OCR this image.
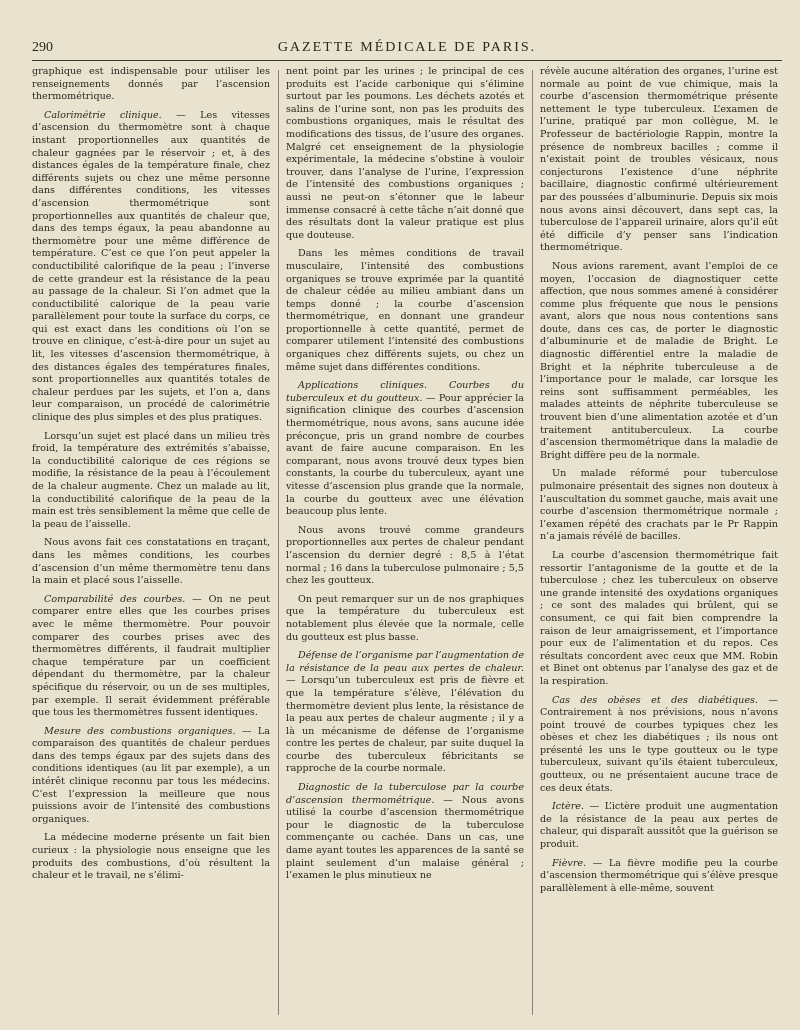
290	GAZETTE MÉDICALE DE PARIS.

graphique est indispensable pour utiliser les renseignements donnés par l’ascension thermométrique.

Calorimétrie clinique. — Les vitesses d’ascension du thermomètre sont à chaque instant proportionnelles aux quantités de chaleur gagnées par le réservoir ; et, à des distances égales de la température finale, chez différents sujets ou chez une même personne dans différentes conditions, les vitesses d’ascension thermométrique sont proportionnelles aux quantités de chaleur que, dans des temps égaux, la peau abandonne au thermomètre pour une même différence de température. C’est ce que l’on peut appeler la conductibilité calorifique de la peau ; l’inverse de cette grandeur est la résistance de la peau au passage de la chaleur. Si l’on admet que la conductibilité calorique de la peau varie parallèlement pour toute la surface du corps, ce qui est exact dans les conditions où l’on se trouve en clinique, c’est-à-dire pour un sujet au lit, les vitesses d’ascension thermométrique, à des distances égales des températures finales, sont proportionnelles aux quantités totales de chaleur perdues par les sujets, et l’on a, dans leur comparaison, un procédé de calorimétrie clinique des plus simples et des plus pratiques.

Lorsqu’un sujet est placé dans un milieu très froid, la température des extrémités s’abaisse, la conductibilité calorique de ces régions se modifie, la résistance de la peau à l’écoulement de la chaleur augmente. Chez un malade au lit, la conductibilité calorifique de la peau de la main est très sensiblement la même que celle de la peau de l’aisselle.

Nous avons fait ces constatations en traçant, dans les mêmes conditions, les courbes d’ascension d’un même thermomètre tenu dans la main et placé sous l’aisselle.

Comparabilité des courbes. — On ne peut comparer entre elles que les courbes prises avec le même thermomètre. Pour pouvoir comparer des courbes prises avec des thermomètres différents, il faudrait multiplier chaque température par un coefficient dépendant du thermomètre, par la chaleur spécifique du réservoir, ou un de ses multiples, par exemple. Il serait évidemment préférable que tous les thermomètres fussent identiques.

Mesure des combustions organiques. — La comparaison des quantités de chaleur perdues dans des temps égaux par des sujets dans des conditions identiques (au lit par exemple), a un intérêt clinique reconnu par tous les médecins. C’est l’expression la meilleure que nous puissions avoir de l’intensité des combustions organiques.

La médecine moderne présente un fait bien curieux : la physiologie nous enseigne que les produits des combustions, d’où résultent la chaleur et le travail, ne s’élimi-

nent point par les urines ; le principal de ces produits est l’acide carbonique qui s’élimine surtout par les poumons. Les déchets azotés et salins de l’urine sont, non pas les produits des combustions organiques, mais le résultat des modifications des tissus, de l’usure des organes. Malgré cet enseignement de la physiologie expérimentale, la médecine s’obstine à vouloir trouver, dans l’analyse de l’urine, l’expression de l’intensité des combustions organiques ; aussi ne peut-on s’étonner que le labeur immense consacré à cette tâche n’ait donné que des résultats dont la valeur pratique est plus que douteuse.

Dans les mêmes conditions de travail musculaire, l’intensité des combustions organiques se trouve exprimée par la quantité de chaleur cédée au milieu ambiant dans un temps donné ; la courbe d’ascension thermométrique, en donnant une grandeur proportionnelle à cette quantité, permet de comparer utilement l’intensité des combustions organiques chez différents sujets, ou chez un même sujet dans différentes conditions.

Applications cliniques. Courbes du tuberculeux et du goutteux. — Pour apprécier la signification clinique des courbes d’ascension thermométrique, nous avons, sans aucune idée préconçue, pris un grand nombre de courbes avant de faire aucune comparaison. En les comparant, nous avons trouvé deux types bien constants, la courbe du tuberculeux, ayant une vitesse d’ascension plus grande que la normale, la courbe du goutteux avec une élévation beaucoup plus lente.

Nous avons trouvé comme grandeurs proportionnelles aux pertes de chaleur pendant l’ascension du dernier degré : 8,5 à l’état normal ; 16 dans la tuberculose pulmonaire ; 5,5 chez les goutteux.

On peut remarquer sur un de nos graphiques que la température du tuberculeux est notablement plus élevée que la normale, celle du goutteux est plus basse.

Défense de l’organisme par l’augmentation de la résistance de la peau aux pertes de chaleur. — Lorsqu’un tuberculeux est pris de fièvre et que la température s’élève, l’élévation du thermomètre devient plus lente, la résistance de la peau aux pertes de chaleur augmente ; il y a là un mécanisme de défense de l’organisme contre les pertes de chaleur, par suite duquel la courbe des tuberculeux fébricitants se rapproche de la courbe normale.

Diagnostic de la tuberculose par la courbe d’ascension thermométrique. — Nous avons utilisé la courbe d’ascension thermométrique pour le diagnostic de la tuberculose commençante ou cachée. Dans un cas, une dame ayant toutes les apparences de la santé se plaint seulement d’un malaise général ; l’examen le plus minutieux ne

révèle aucune altération des organes, l’urine est normale au point de vue chimique, mais la courbe d’ascension thermométrique présente nettement le type tuberculeux. L’examen de l’urine, pratiqué par mon collègue, M. le Professeur de bactériologie Rappin, montre la présence de nombreux bacilles ; comme il n’existait point de troubles vésicaux, nous conjecturons l’existence d’une néphrite bacillaire, diagnostic confirmé ultérieurement par des poussées d’albuminurie. Depuis six mois nous avons ainsi découvert, dans sept cas, la tuberculose de l’appareil urinaire, alors qu’il eût été difficile d’y penser sans l’indication thermométrique.

Nous avions rarement, avant l’emploi de ce moyen, l’occasion de diagnostiquer cette affection, que nous sommes amené à considérer comme plus fréquente que nous le pensions avant, alors que nous nous contentions sans doute, dans ces cas, de porter le diagnostic d’albuminurie et de maladie de Bright. Le diagnostic différentiel entre la maladie de Bright et la néphrite tuberculeuse a de l’importance pour le malade, car lorsque les reins sont suffisamment perméables, les malades atteints de néphrite tuberculeuse se trouvent bien d’une alimentation azotée et d’un traitement antituberculeux. La courbe d’ascension thermométrique dans la maladie de Bright diffère peu de la normale.

Un malade réformé pour tuberculose pulmonaire présentait des signes non douteux à l’auscultation du sommet gauche, mais avait une courbe d’ascension thermométrique normale ; l’examen répété des crachats par le Pr Rappin n’a jamais révélé de bacilles.

La courbe d’ascension thermométrique fait ressortir l’antagonisme de la goutte et de la tuberculose ; chez les tuberculeux on observe une grande intensité des oxydations organiques ; ce sont des malades qui brûlent, qui se consument, ce qui fait bien comprendre la raison de leur amaigrissement, et l’importance pour eux de l’alimentation et du repos. Ces résultats concordent avec ceux que MM. Robin et Binet ont obtenus par l’analyse des gaz et de la respiration.

Cas des obèses et des diabétiques. — Contrairement à nos prévisions, nous n’avons point trouvé de courbes typiques chez les obèses et chez les diabétiques ; ils nous ont présenté les uns le type goutteux ou le type tuberculeux, suivant qu’ils étaient tuberculeux, goutteux, ou ne présentaient aucune trace de ces deux états.

Ictère. — L’ictère produit une augmentation de la résistance de la peau aux pertes de chaleur, qui disparaît aussitôt que la guérison se produit.

Fièvre. — La fièvre modifie peu la courbe d’ascension thermométrique qui s’élève presque parallèlement à elle-même, souvent
